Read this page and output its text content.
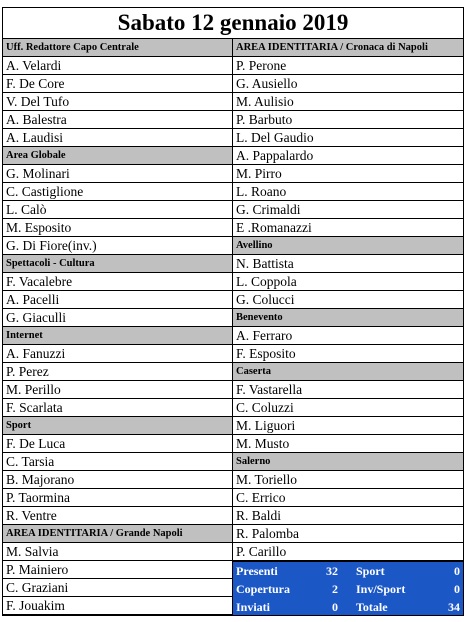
Sabato 12 gennaio 2019
Uff. Redattore Capo Centrale
A. Velardi
F. De Core
V. Del Tufo
A. Balestra
A. Laudisi
Area Globale
G. Molinari
C. Castiglione
L. Calò
M. Esposito
G. Di Fiore(inv.)
Spettacoli - Cultura
F. Vacalebre
A. Pacelli
G. Giaculli
Internet
A. Fanuzzi
P. Perez
M. Perillo
F. Scarlata
Sport
F. De Luca
C. Tarsia
B. Majorano
P. Taormina
R. Ventre
AREA IDENTITARIA / Grande Napoli
M. Salvia
P. Mainiero
C. Graziani
F. Jouakim
AREA IDENTITARIA / Cronaca di Napoli
P. Perone
G. Ausiello
M. Aulisio
P. Barbuto
L. Del Gaudio
A. Pappalardo
M. Pirro
L. Roano
G. Crimaldi
E .Romanazzi
Avellino
N. Battista
L. Coppola
G. Colucci
Benevento
A. Ferraro
F. Esposito
Caserta
F. Vastarella
C. Coluzzi
M. Liguori
M. Musto
Salerno
M. Toriello
C. Errico
R. Baldi
R. Palomba
P. Carillo
Presenti	32	Sport	0
Copertura	2	Inv/Sport	0
Inviati	0	Totale	34
